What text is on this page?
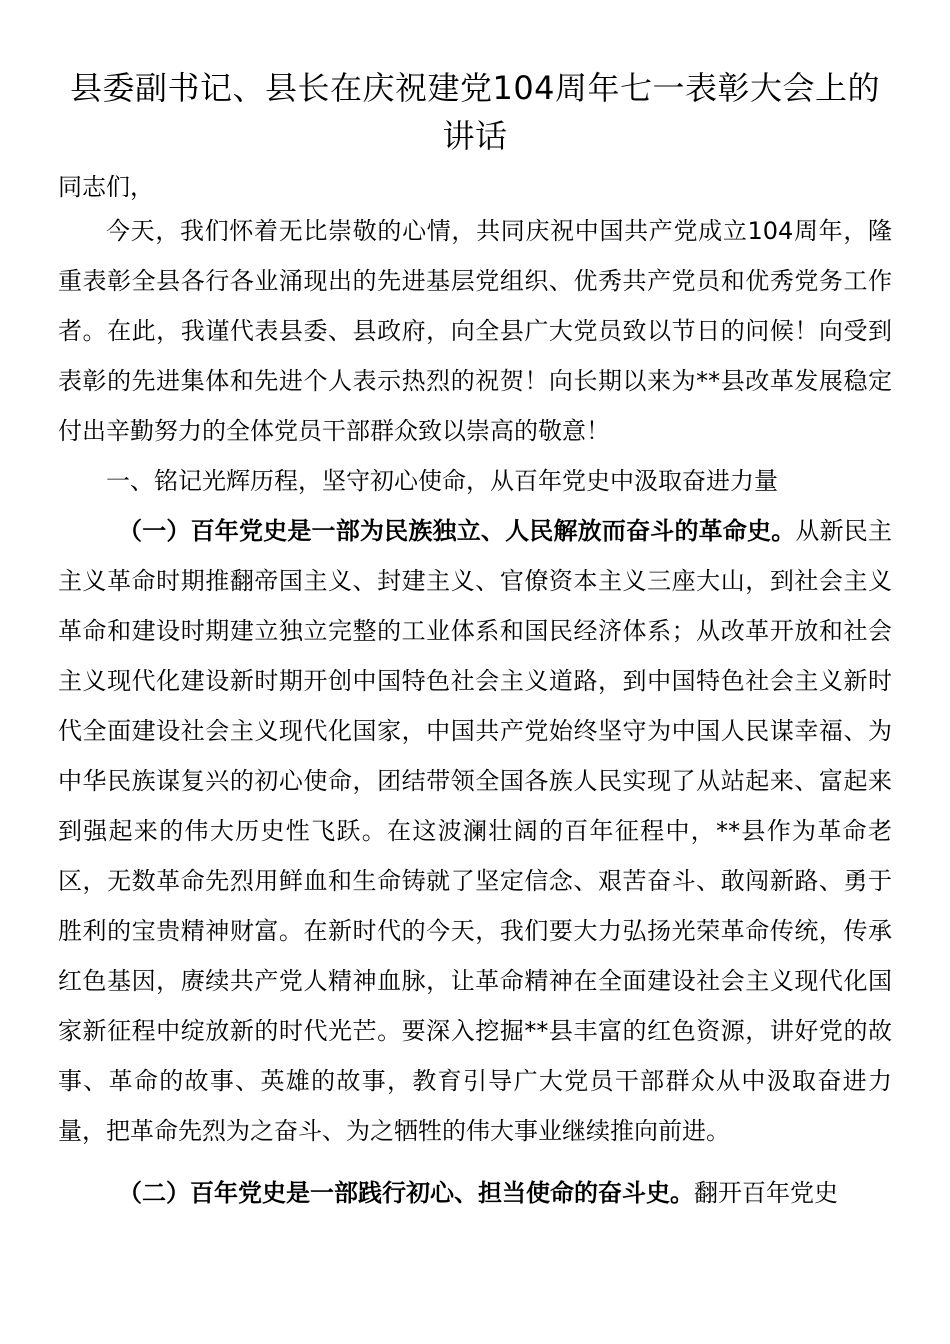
县委副书记、县长在庆祝建党104周年七一表彰大会上的讲话

同志们，

今天，我们怀着无比崇敬的心情，共同庆祝中国共产党成立104周年，隆重表彰全县各行各业涌现出的先进基层党组织、优秀共产党员和优秀党务工作者。在此，我谨代表县委、县政府，向全县广大党员致以节日的问候！向受到表彰的先进集体和先进个人表示热烈的祝贺！向长期以来为**县改革发展稳定付出辛勤努力的全体党员干部群众致以崇高的敬意！

一、铭记光辉历程，坚守初心使命，从百年党史中汲取奋进力量

（一）百年党史是一部为民族独立、人民解放而奋斗的革命史。从新民主主义革命时期推翻帝国主义、封建主义、官僚资本主义三座大山，到社会主义革命和建设时期建立独立完整的工业体系和国民经济体系；从改革开放和社会主义现代化建设新时期开创中国特色社会主义道路，到中国特色社会主义新时代全面建设社会主义现代化国家，中国共产党始终坚守为中国人民谋幸福、为中华民族谋复兴的初心使命，团结带领全国各族人民实现了从站起来、富起来到强起来的伟大历史性飞跃。在这波澜壮阔的百年征程中，**县作为革命老区，无数革命先烈用鲜血和生命铸就了坚定信念、艰苦奋斗、敢闯新路、勇于胜利的宝贵精神财富。在新时代的今天，我们要大力弘扬光荣革命传统，传承红色基因，赓续共产党人精神血脉，让革命精神在全面建设社会主义现代化国家新征程中绽放新的时代光芒。要深入挖掘**县丰富的红色资源，讲好党的故事、革命的故事、英雄的故事，教育引导广大党员干部群众从中汲取奋进力量，把革命先烈为之奋斗、为之牺牲的伟大事业继续推向前进。

（二）百年党史是一部践行初心、担当使命的奋斗史。翻开百年党史
